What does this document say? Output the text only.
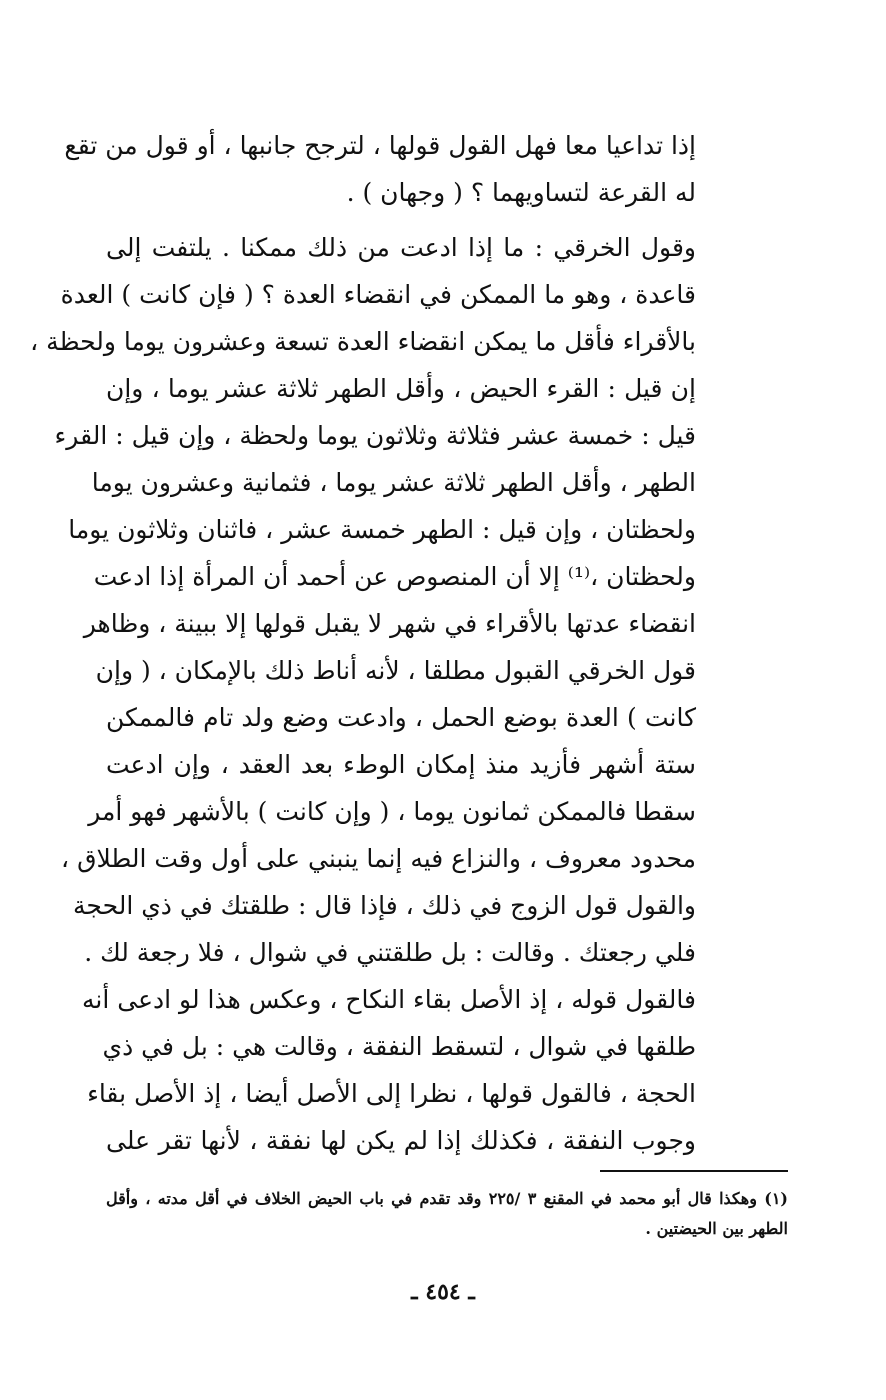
إذا تداعيا معا فهل القول قولها ، لترجح جانبها ، أو قول من تقع
له القرعة لتساويهما ؟ ( وجهان ) .
وقول الخرقي : ما إذا ادعت من ذلك ممكنا . يلتفت إلى
قاعدة ، وهو ما الممكن في انقضاء العدة ؟ ( فإن كانت ) العدة
بالأقراء فأقل ما يمكن انقضاء العدة تسعة وعشرون يوما ولحظة ،
إن قيل : القرء الحيض ، وأقل الطهر ثلاثة عشر يوما ، وإن
قيل : خمسة عشر فثلاثة وثلاثون يوما ولحظة ، وإن قيل : القرء
الطهر ، وأقل الطهر ثلاثة عشر يوما ، فثمانية وعشرون يوما
ولحظتان ، وإن قيل : الطهر خمسة عشر ، فاثنان وثلاثون يوما
ولحظتان ،⁽¹⁾ إلا أن المنصوص عن أحمد أن المرأة إذا ادعت
انقضاء عدتها بالأقراء في شهر لا يقبل قولها إلا ببينة ، وظاهر
قول الخرقي القبول مطلقا ، لأنه أناط ذلك بالإمكان ، ( وإن
كانت ) العدة بوضع الحمل ، وادعت وضع ولد تام فالممكن
ستة أشهر فأزيد منذ إمكان الوطء بعد العقد ، وإن ادعت
سقطا فالممكن ثمانون يوما ، ( وإن كانت ) بالأشهر فهو أمر
محدود معروف ، والنزاع فيه إنما ينبني على أول وقت الطلاق ،
والقول قول الزوج في ذلك ، فإذا قال : طلقتك في ذي الحجة
فلي رجعتك . وقالت : بل طلقتني في شوال ، فلا رجعة لك .
فالقول قوله ، إذ الأصل بقاء النكاح ، وعكس هذا لو ادعى أنه
طلقها في شوال ، لتسقط النفقة ، وقالت هي : بل في ذي
الحجة ، فالقول قولها ، نظرا إلى الأصل أيضا ، إذ الأصل بقاء
وجوب النفقة ، فكذلك إذا لم يكن لها نفقة ، لأنها تقر على
(١) وهكذا قال أبو محمد في المقنع ٣ /٢٢٥ وقد تقدم في باب الحيض الخلاف في أقل مدته ، وأقل
الطهر بين الحيضتين .
ـ ٤٥٤ ـ
